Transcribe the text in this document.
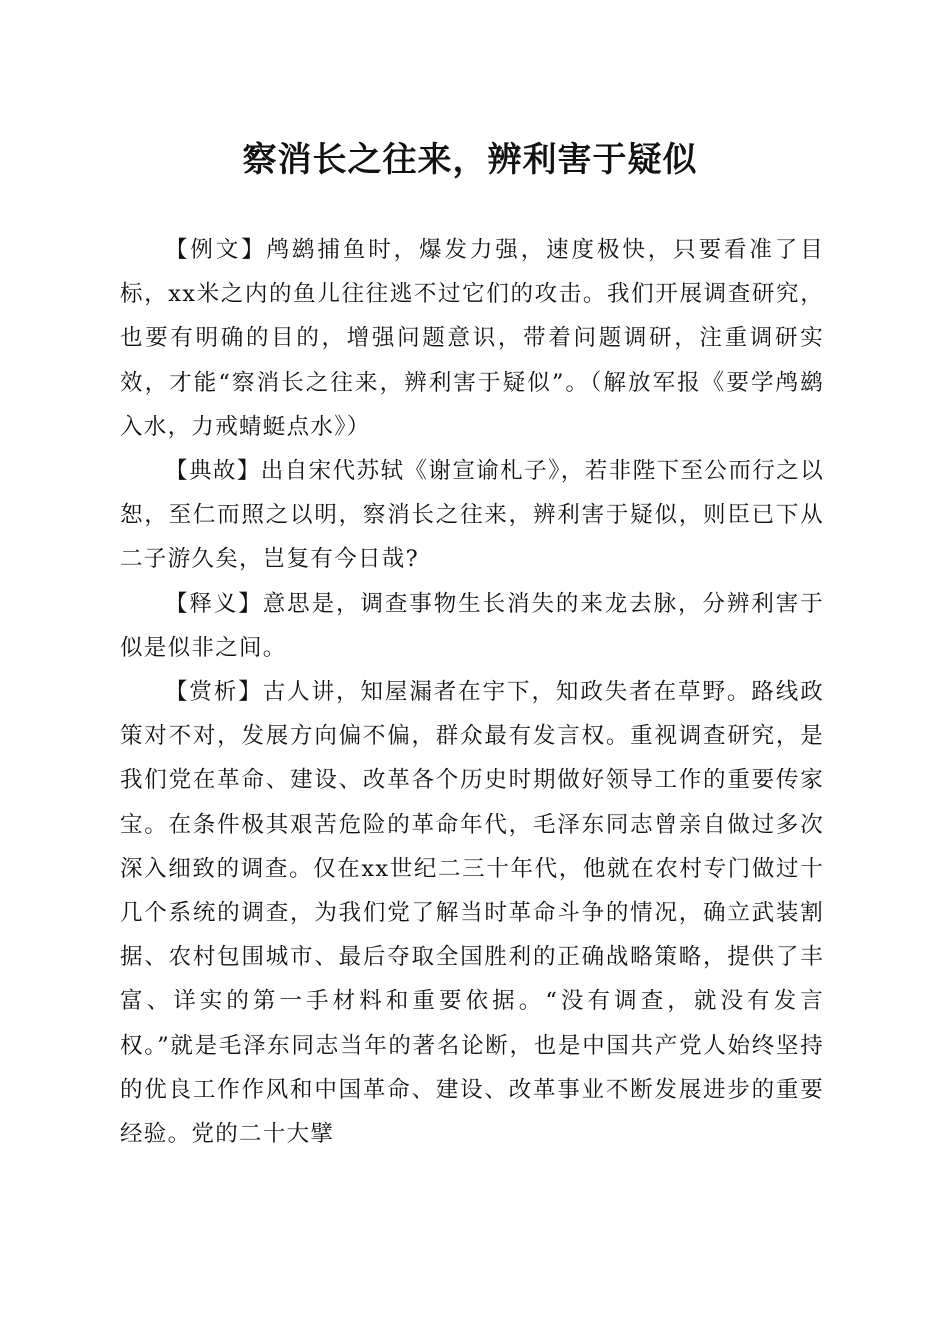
察消长之往来，辨利害于疑似

【例文】鸬鹚捕鱼时，爆发力强，速度极快，只要看准了目标，xx米之内的鱼儿往往逃不过它们的攻击。我们开展调查研究，也要有明确的目的，增强问题意识，带着问题调研，注重调研实效，才能“察消长之往来，辨利害于疑似”。（解放军报《要学鸬鹚入水，力戒蜻蜓点水》）

【典故】出自宋代苏轼《谢宣谕札子》，若非陛下至公而行之以恕，至仁而照之以明，察消长之往来，辨利害于疑似，则臣已下从二子游久矣，岂复有今日哉?

【释义】意思是，调查事物生长消失的来龙去脉，分辨利害于似是似非之间。

【赏析】古人讲，知屋漏者在宇下，知政失者在草野。路线政策对不对，发展方向偏不偏，群众最有发言权。重视调查研究，是我们党在革命、建设、改革各个历史时期做好领导工作的重要传家宝。在条件极其艰苦危险的革命年代，毛泽东同志曾亲自做过多次深入细致的调查。仅在xx世纪二三十年代，他就在农村专门做过十几个系统的调查，为我们党了解当时革命斗争的情况，确立武装割据、农村包围城市、最后夺取全国胜利的正确战略策略，提供了丰富、详实的第一手材料和重要依据。“没有调查，就没有发言权。”就是毛泽东同志当年的著名论断，也是中国共产党人始终坚持的优良工作作风和中国革命、建设、改革事业不断发展进步的重要经验。党的二十大擘
